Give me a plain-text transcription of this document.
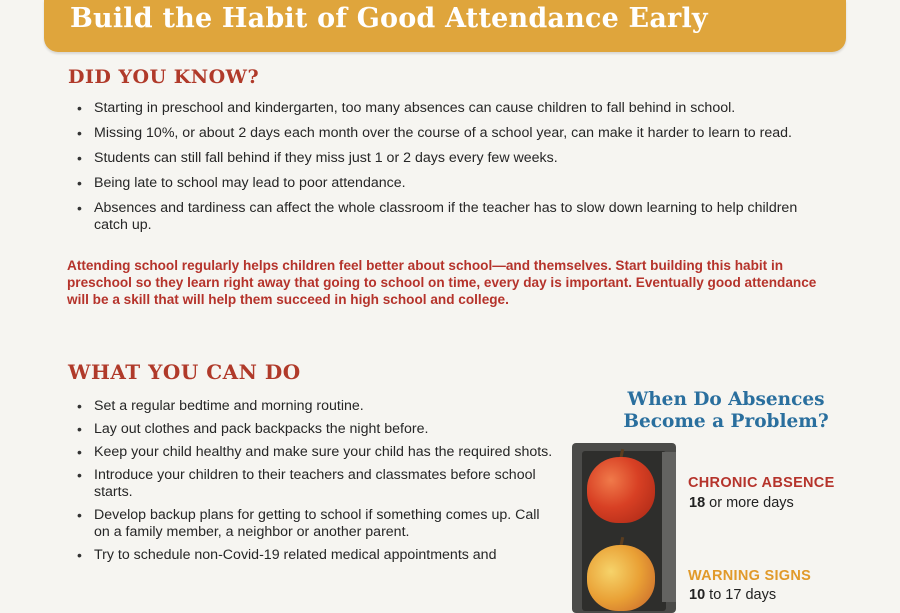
Build the Habit of Good Attendance Early
DID YOU KNOW?
• Starting in preschool and kindergarten, too many absences can cause children to fall behind in school.
• Missing 10%, or about 2 days each month over the course of a school year, can make it harder to learn to read.
• Students can still fall behind if they miss just 1 or 2 days every few weeks.
• Being late to school may lead to poor attendance.
• Absences and tardiness can affect the whole classroom if the teacher has to slow down learning to help children catch up.

Attending school regularly helps children feel better about school—and themselves. Start building this habit in preschool so they learn right away that going to school on time, every day is important. Eventually good attendance will be a skill that will help them succeed in high school and college.

WHAT YOU CAN DO
• Set a regular bedtime and morning routine.
• Lay out clothes and pack backpacks the night before.
• Keep your child healthy and make sure your child has the required shots.
• Introduce your children to their teachers and classmates before school starts.
• Develop backup plans for getting to school if something comes up. Call on a family member, a neighbor or another parent.
• Try to schedule non-Covid-19 related medical appointments and
When Do Absences
Become a Problem?

CHRONIC ABSENCE

18 or more days

WARNING SIGNS

10 to 17 days
